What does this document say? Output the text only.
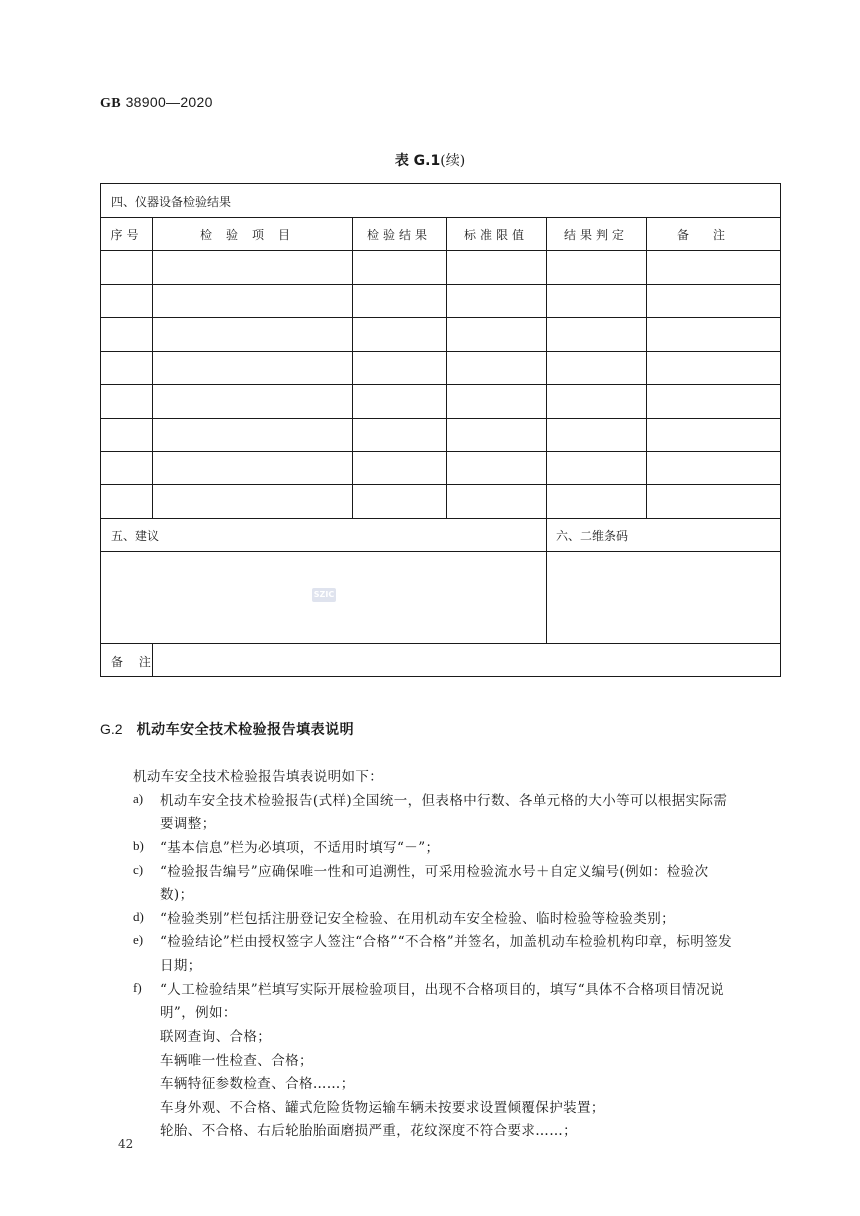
GB 38900—2020
表 G.1(续)
四、仪器设备检验结果
序号	检验项目	检验结果	标准限值	结果判定	备注
五、建议	六、二维条码
备 注
SZIC
G.2 机动车安全技术检验报告填表说明
机动车安全技术检验报告填表说明如下：
a) 机动车安全技术检验报告(式样)全国统一，但表格中行数、各单元格的大小等可以根据实际需
要调整；
b) “基本信息”栏为必填项，不适用时填写“－”；
c) “检验报告编号”应确保唯一性和可追溯性，可采用检验流水号＋自定义编号(例如：检验次
数)；
d) “检验类别”栏包括注册登记安全检验、在用机动车安全检验、临时检验等检验类别；
e) “检验结论”栏由授权签字人签注“合格”“不合格”并签名，加盖机动车检验机构印章，标明签发
日期；
f) “人工检验结果”栏填写实际开展检验项目，出现不合格项目的，填写“具体不合格项目情况说
明”，例如：
联网查询、合格；
车辆唯一性检查、合格；
车辆特征参数检查、合格……；
车身外观、不合格、罐式危险货物运输车辆未按要求设置倾覆保护装置；
轮胎、不合格、右后轮胎胎面磨损严重，花纹深度不符合要求……；
42
